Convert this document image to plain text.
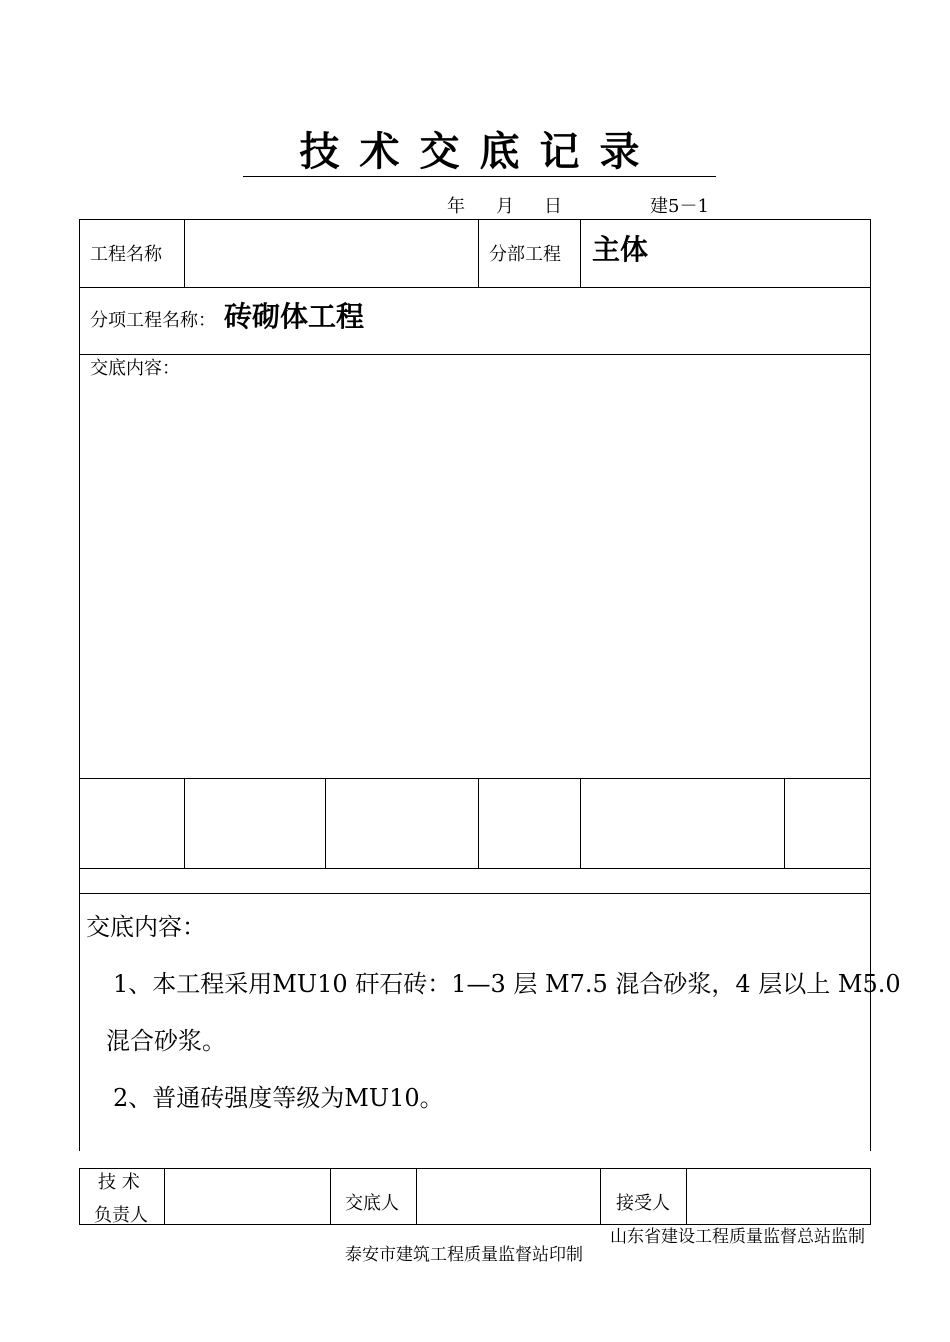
技术交底记录
年 月 日	建5－1
工程名称	分部工程 主体
分项工程名称： 砖砌体工程
交底内容：
交底内容：
1、本工程采用MU10 矸石砖：1—3 层 M7.5 混合砂浆，4 层以上 M5.0
混合砂浆。
2、普通砖强度等级为MU10。
技 术
负责人
交底人	接受人
山东省建设工程质量监督总站监制
泰安市建筑工程质量监督站印制
